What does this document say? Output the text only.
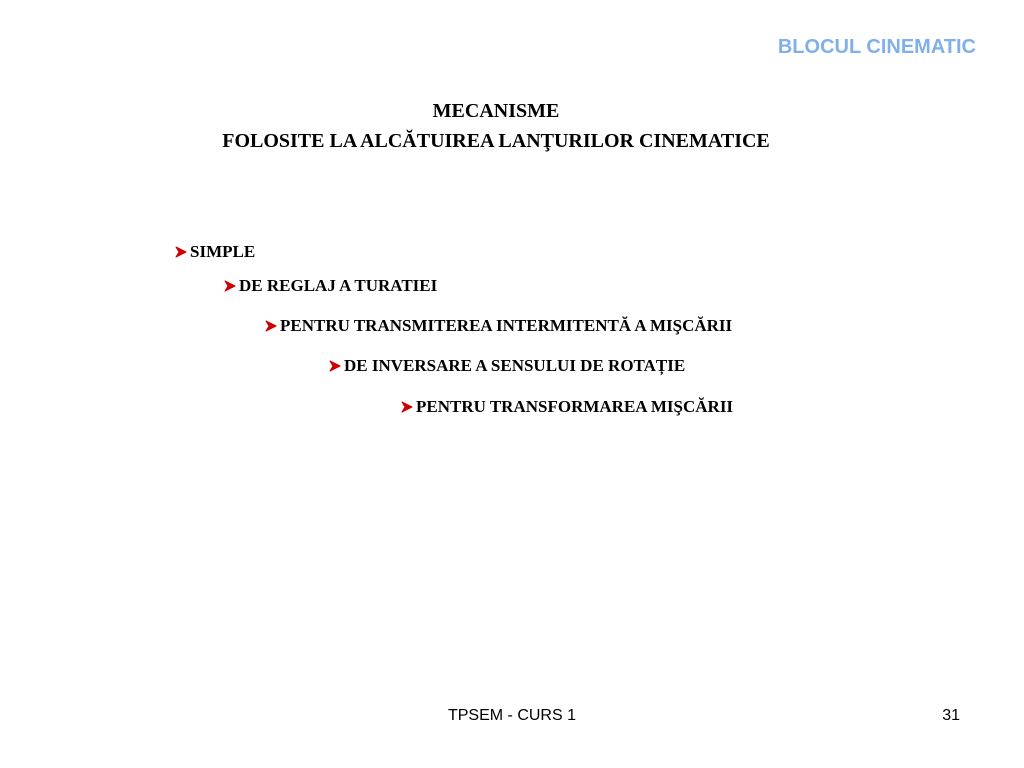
BLOCUL CINEMATIC
MECANISME
FOLOSITE LA ALCĂTUIREA LANŢURILOR CINEMATICE
SIMPLE
DE REGLAJ A TURATIEI
PENTRU TRANSMITEREA INTERMITENTĂ A MIŞCĂRII
DE INVERSARE A SENSULUI DE ROTAȚIE
PENTRU TRANSFORMAREA MIŞCĂRII
TPSEM - CURS 1	31
